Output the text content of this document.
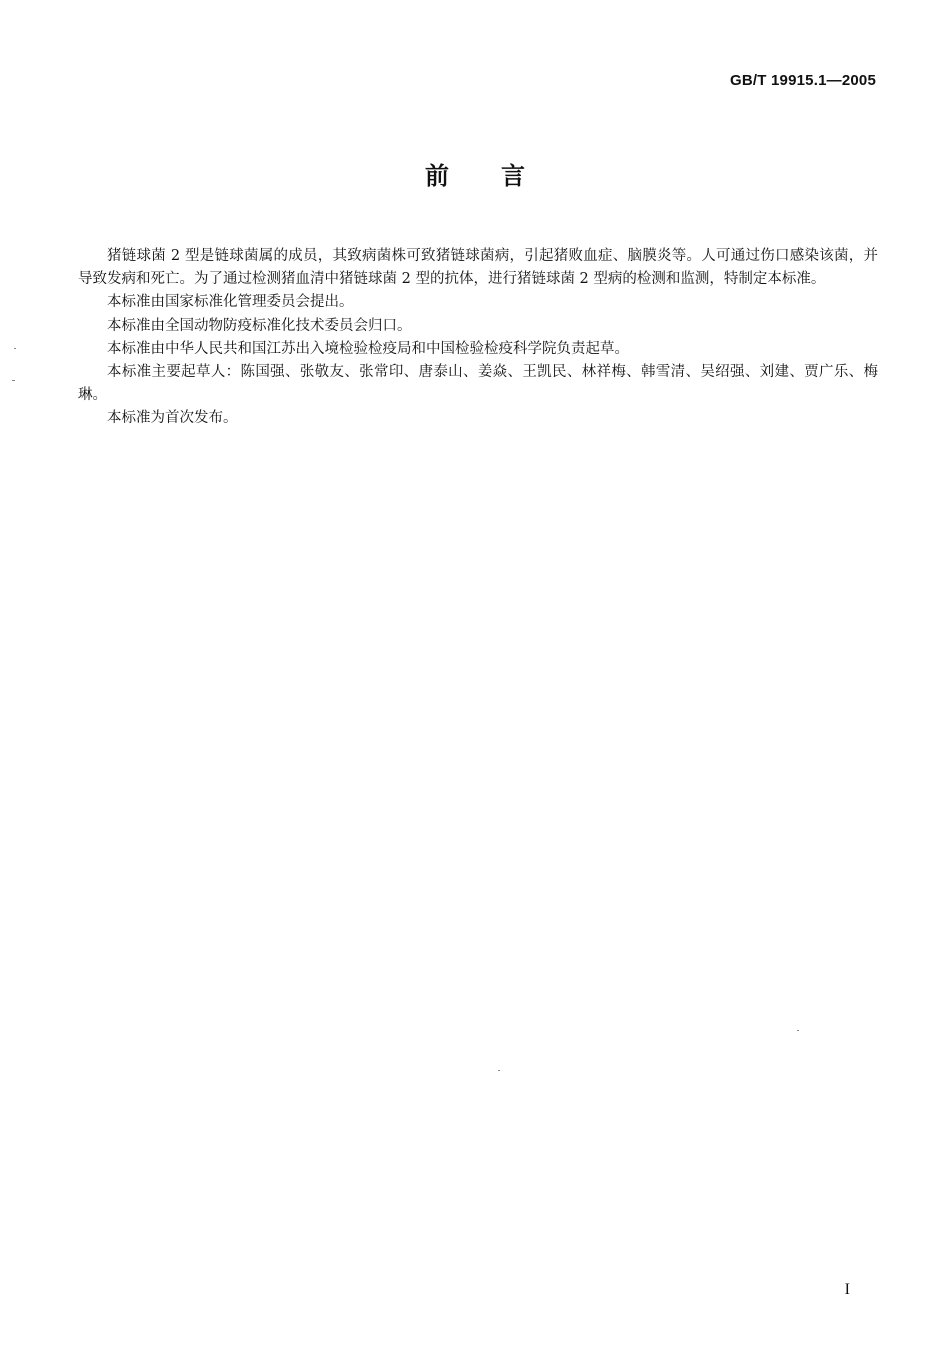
GB/T 19915.1—2005
前言

猪链球菌 2 型是链球菌属的成员，其致病菌株可致猪链球菌病，引起猪败血症、脑膜炎等。人可通过伤口感染该菌，并导致发病和死亡。为了通过检测猪血清中猪链球菌 2 型的抗体，进行猪链球菌 2 型病的检测和监测，特制定本标准。

本标准由国家标准化管理委员会提出。

本标准由全国动物防疫标准化技术委员会归口。

本标准由中华人民共和国江苏出入境检验检疫局和中国检验检疫科学院负责起草。

本标准主要起草人：陈国强、张敬友、张常印、唐泰山、姜焱、王凯民、林祥梅、韩雪清、吴绍强、刘建、贾广乐、梅琳。

本标准为首次发布。

I
